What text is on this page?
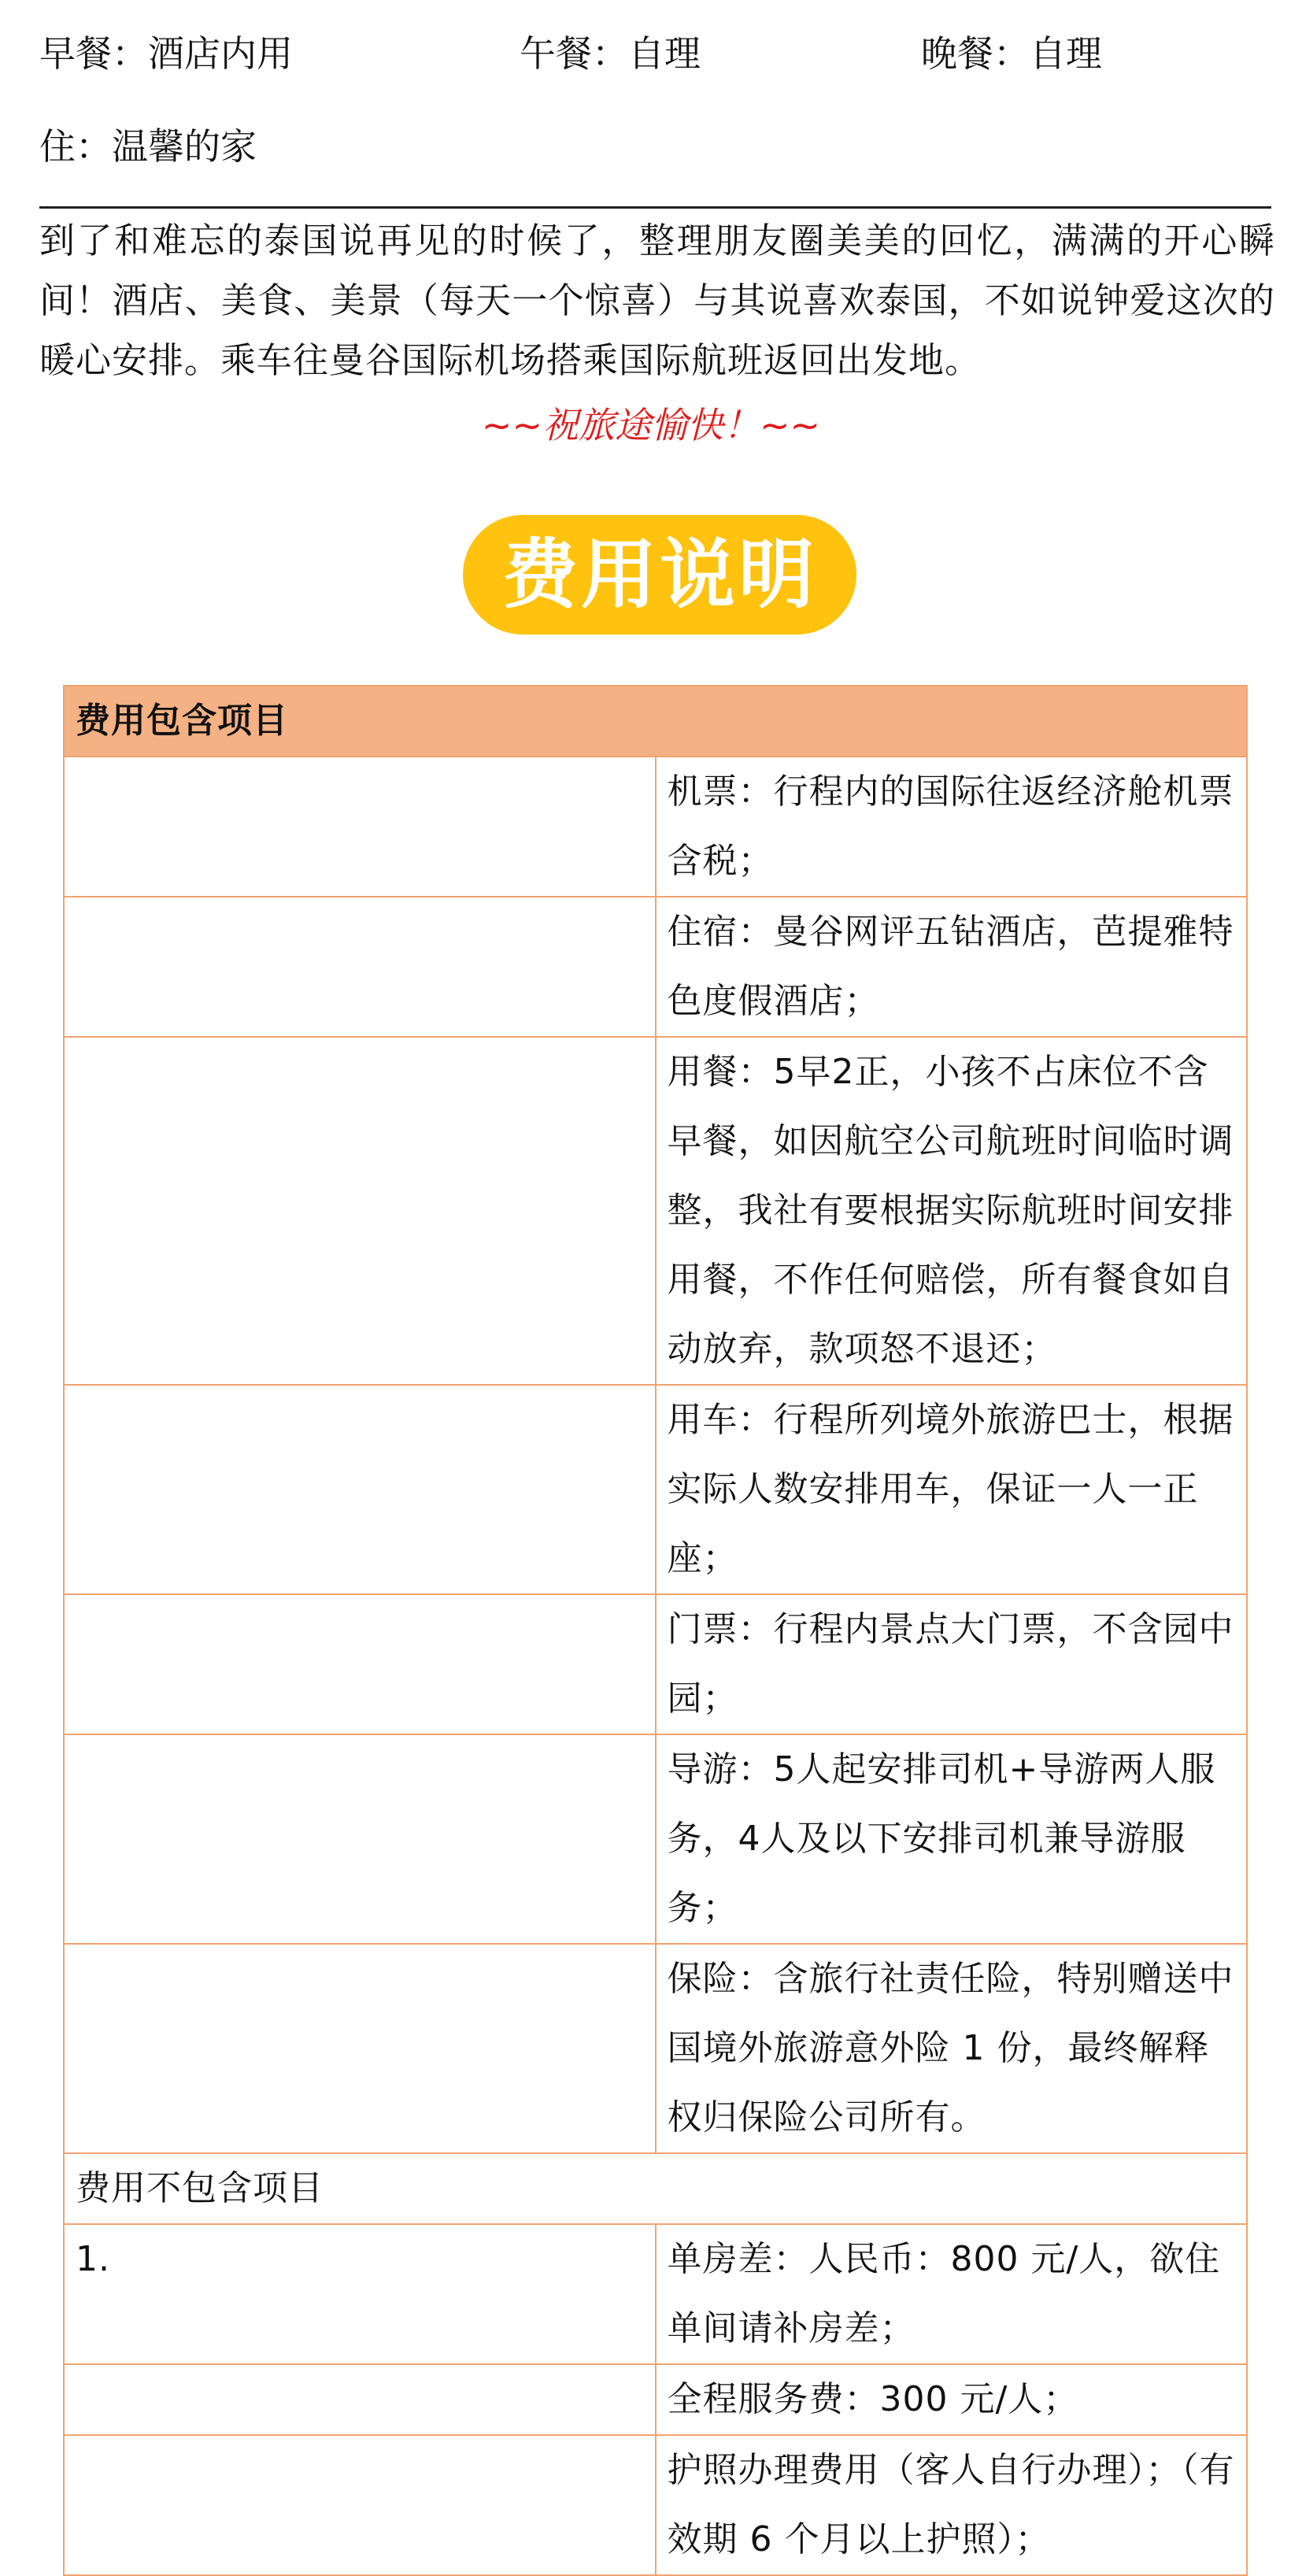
早餐：酒店内用	午餐：自理	晚餐：自理
住：温馨的家
到了和难忘的泰国说再见的时候了，整理朋友圈美美的回忆，满满的开心瞬间！酒店、美食、美景（每天一个惊喜）与其说喜欢泰国，不如说钟爱这次的暖心安排。乘车往曼谷国际机场搭乘国际航班返回出发地。
~~祝旅途愉快！~~
费用说明
费用包含项目	
	机票：行程内的国际往返经济舱机票含税；
	住宿：曼谷网评五钻酒店，芭提雅特色度假酒店；
	用餐：5早2正，小孩不占床位不含早餐，如因航空公司航班时间临时调整，我社有要根据实际航班时间安排用餐，不作任何赔偿，所有餐食如自动放弃，款项怒不退还；
	用车：行程所列境外旅游巴士，根据实际人数安排用车，保证一人一正座；
	门票：行程内景点大门票，不含园中园；
	导游：5人起安排司机+导游两人服务，4人及以下安排司机兼导游服务；
	保险：含旅行社责任险，特别赠送中国境外旅游意外险 1 份，最终解释权归保险公司所有。
费用不包含项目	
1.	单房差：人民币：800 元/人，欲住单间请补房差；
	全程服务费：300 元/人；
	护照办理费用（客人自行办理）；（有效期 6 个月以上护照）；
